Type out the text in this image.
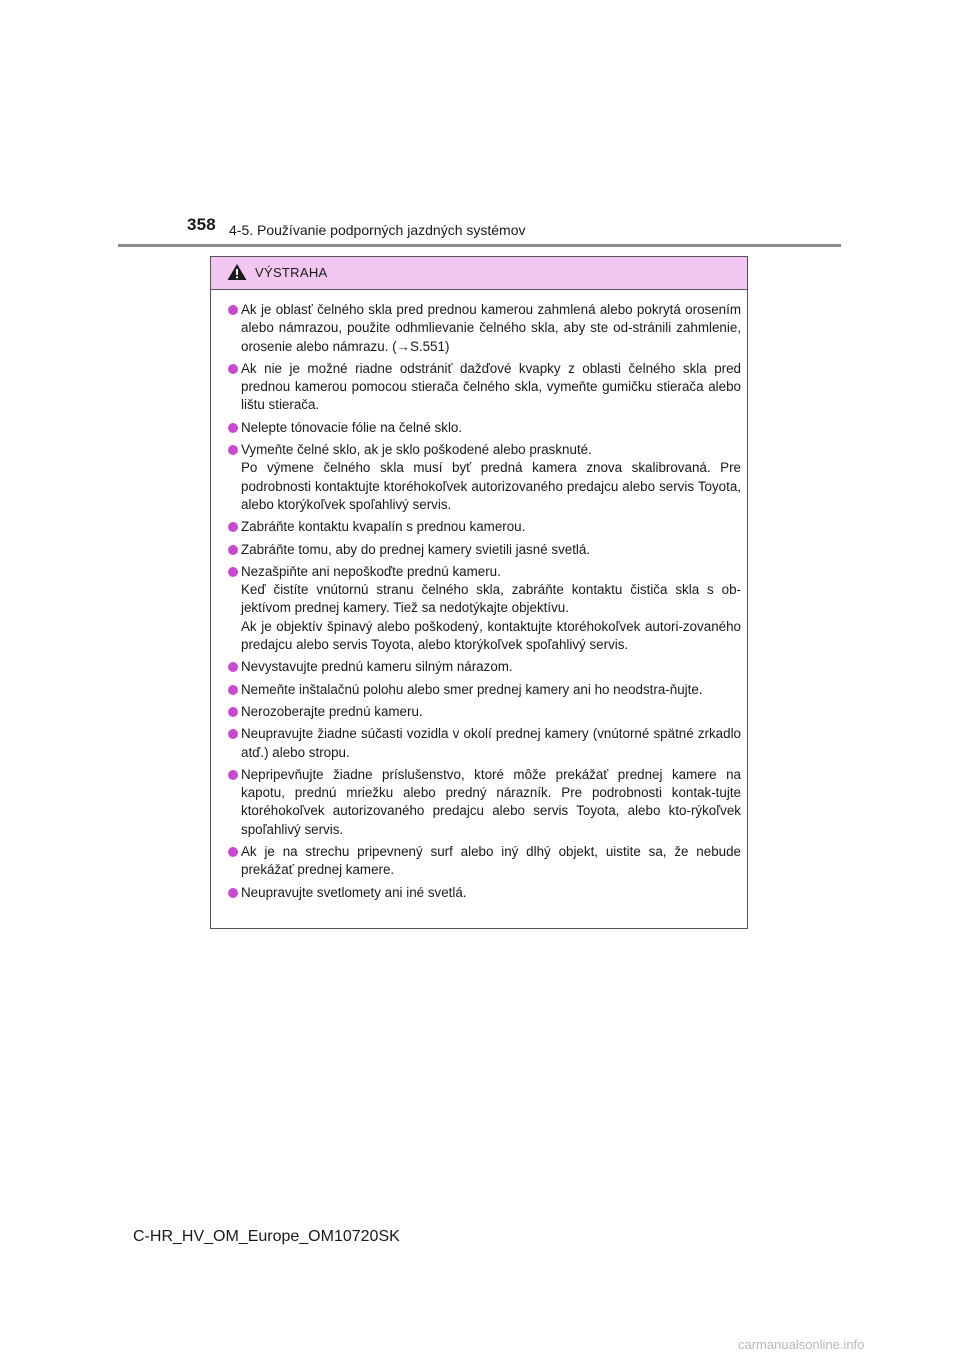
358 4-5. Používanie podporných jazdných systémov
VÝSTRAHA
Ak je oblasť čelného skla pred prednou kamerou zahmlená alebo pokrytá orosením alebo námrazou, použite odhmlievanie čelného skla, aby ste od-stránili zahmlenie, orosenie alebo námrazu. (→S.551)
Ak nie je možné riadne odstrániť dažďové kvapky z oblasti čelného skla pred prednou kamerou pomocou stierača čelného skla, vymeňte gumičku stierača alebo lištu stierača.
Nelepte tónovacie fólie na čelné sklo.
Vymeňte čelné sklo, ak je sklo poškodené alebo prasknuté.
Po výmene čelného skla musí byť predná kamera znova skalibrovaná. Pre podrobnosti kontaktujte ktoréhokoľvek autorizovaného predajcu alebo servis Toyota, alebo ktorýkoľvek spoľahlivý servis.
Zabráňte kontaktu kvapalín s prednou kamerou.
Zabráňte tomu, aby do prednej kamery svietili jasné svetlá.
Nezašpiňte ani nepoškoďte prednú kameru.
Keď čistíte vnútornú stranu čelného skla, zabráňte kontaktu čističa skla s ob-jektívom prednej kamery. Tiež sa nedotýkajte objektívu.
Ak je objektív špinavý alebo poškodený, kontaktujte ktoréhokoľvek autori-zovaného predajcu alebo servis Toyota, alebo ktorýkoľvek spoľahlivý servis.
Nevystavujte prednú kameru silným nárazom.
Nemeňte inštalačnú polohu alebo smer prednej kamery ani ho neodstra-ňujte.
Nerozoberajte prednú kameru.
Neupravujte žiadne súčasti vozidla v okolí prednej kamery (vnútorné spätné zrkadlo atď.) alebo stropu.
Nepripevňujte žiadne príslušenstvo, ktoré môže prekážať prednej kamere na kapotu, prednú mriežku alebo predný nárazník. Pre podrobnosti kontak-tujte ktoréhokoľvek autorizovaného predajcu alebo servis Toyota, alebo kto-rýkoľvek spoľahlivý servis.
Ak je na strechu pripevnený surf alebo iný dlhý objekt, uistite sa, že nebude prekážať prednej kamere.
Neupravujte svetlomety ani iné svetlá.
C-HR_HV_OM_Europe_OM10720SK
carmanualsonline.info
